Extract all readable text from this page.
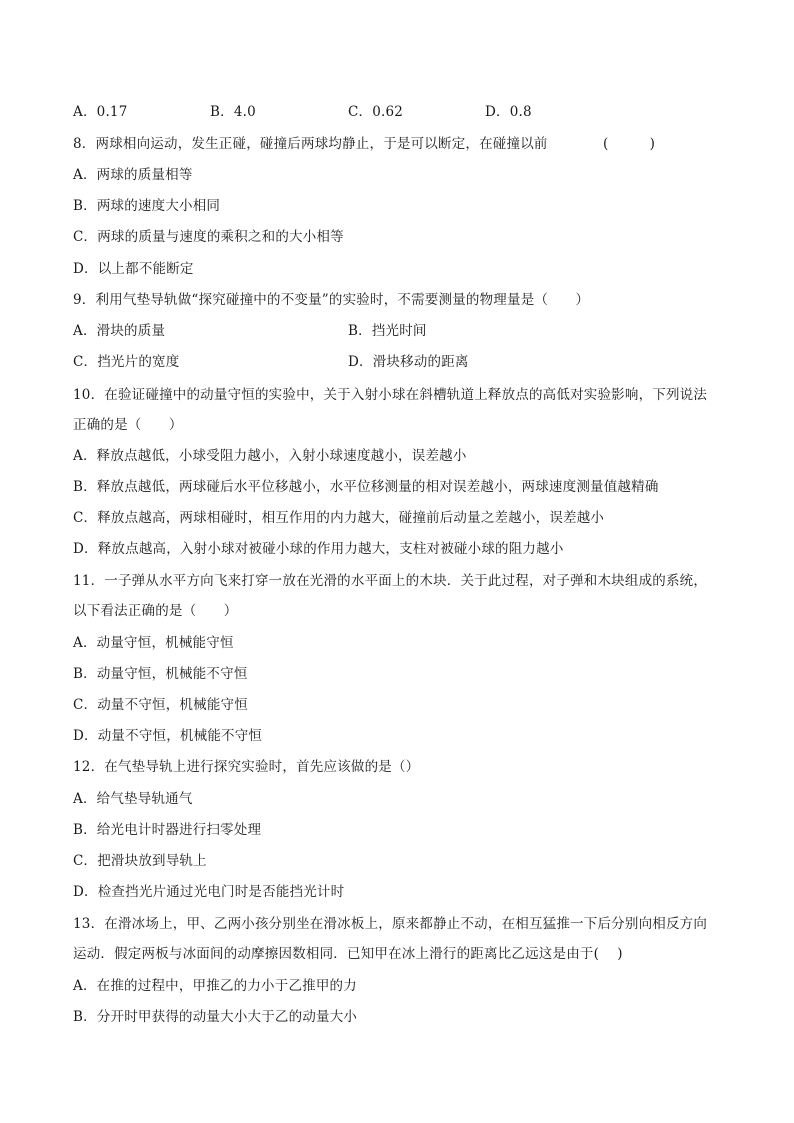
A．0.17	B．4.0	C．0.62	D．0.8
8．两球相向运动，发生正碰，碰撞后两球均静止，于是可以断定，在碰撞以前	(　　　)
A．两球的质量相等
B．两球的速度大小相同
C．两球的质量与速度的乘积之和的大小相等
D．以上都不能断定
9．利用气垫导轨做“探究碰撞中的不变量”的实验时，不需要测量的物理量是（　　）
A．滑块的质量	B．挡光时间
C．挡光片的宽度	D．滑块移动的距离
10．在验证碰撞中的动量守恒的实验中，关于入射小球在斜槽轨道上释放点的高低对实验影响，下列说法
正确的是（　　）
A．释放点越低，小球受阻力越小，入射小球速度越小，误差越小
B．释放点越低，两球碰后水平位移越小，水平位移测量的相对误差越小，两球速度测量值越精确
C．释放点越高，两球相碰时，相互作用的内力越大，碰撞前后动量之差越小，误差越小
D．释放点越高，入射小球对被碰小球的作用力越大，支柱对被碰小球的阻力越小
11．一子弹从水平方向飞来打穿一放在光滑的水平面上的木块．关于此过程，对子弹和木块组成的系统，
以下看法正确的是（　　）
A．动量守恒，机械能守恒
B．动量守恒，机械能不守恒
C．动量不守恒，机械能守恒
D．动量不守恒，机械能不守恒
12．在气垫导轨上进行探究实验时，首先应该做的是（）
A．给气垫导轨通气
B．给光电计时器进行扫零处理
C．把滑块放到导轨上
D．检查挡光片通过光电门时是否能挡光计时
13．在滑冰场上，甲、乙两小孩分别坐在滑冰板上，原来都静止不动，在相互猛推一下后分别向相反方向
运动．假定两板与冰面间的动摩擦因数相同．已知甲在冰上滑行的距离比乙远这是由于(　 )
A．在推的过程中，甲推乙的力小于乙推甲的力
B．分开时甲获得的动量大小大于乙的动量大小
